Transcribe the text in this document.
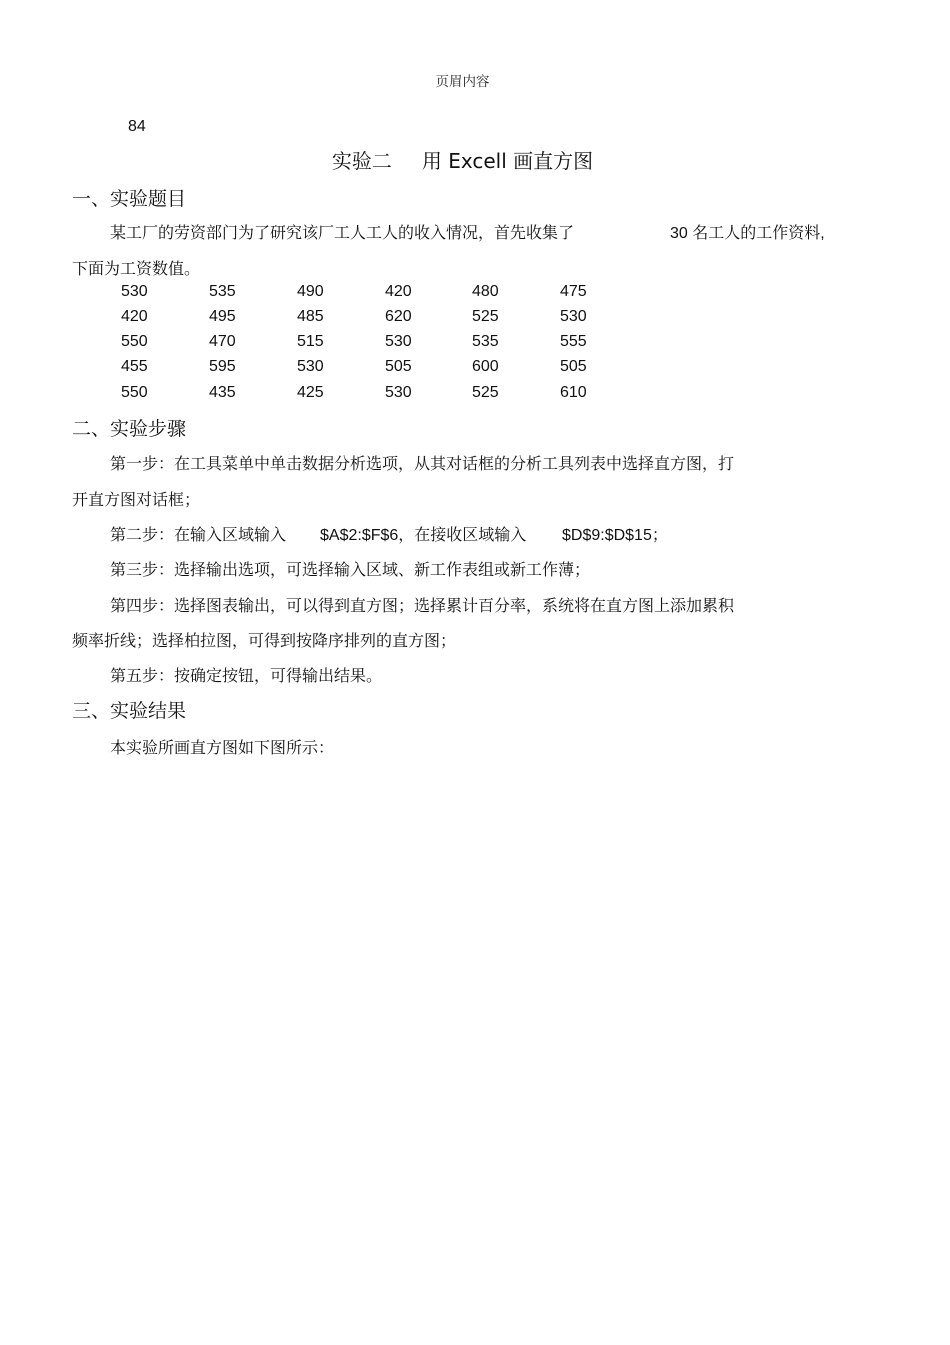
页眉内容
84
实验二 用 Excell 画直方图
一、实验题目
某工厂的劳资部门为了研究该厂工人工人的收入情况，首先收集了	30 名工人的工作资料,
下面为工资数值。
530	535	490	420	480	475
420	495	485	620	525	530
550	470	515	530	535	555
455	595	530	505	600	505
550	435	425	530	525	610
二、实验步骤
第一步：在工具菜单中单击数据分析选项，从其对话框的分析工具列表中选择直方图，打
开直方图对话框；
第二步：在输入区域输入 $A$2:$F$6，在接收区域输入 $D$9:$D$15；
第三步：选择输出选项，可选择输入区域、新工作表组或新工作薄；
第四步：选择图表输出，可以得到直方图；选择累计百分率，系统将在直方图上添加累积
频率折线；选择柏拉图，可得到按降序排列的直方图；
第五步：按确定按钮，可得输出结果。
三、实验结果
本实验所画直方图如下图所示：
